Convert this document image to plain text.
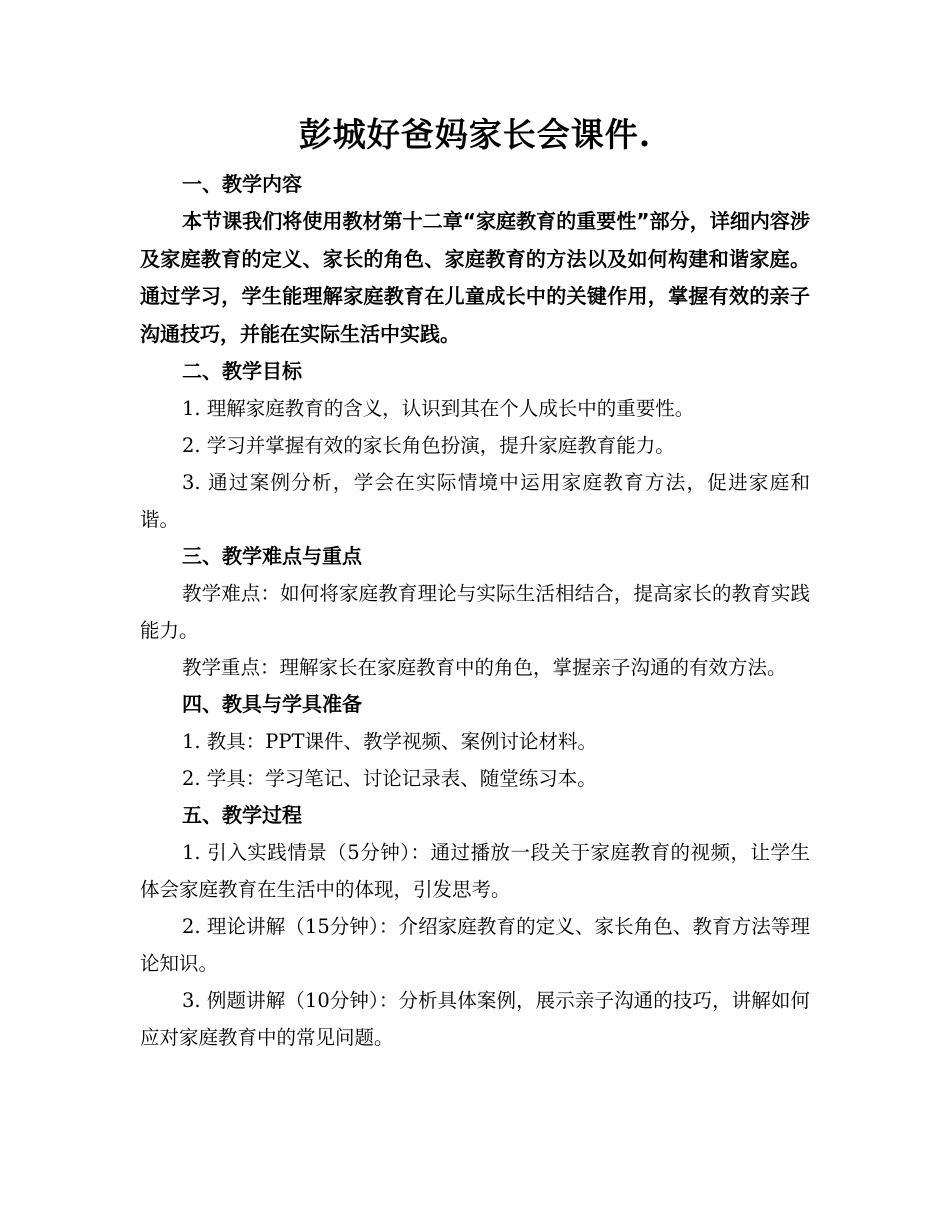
彭城好爸妈家长会课件.
一、教学内容

本节课我们将使用教材第十二章“家庭教育的重要性”部分，详细内容涉及家庭教育的定义、家长的角色、家庭教育的方法以及如何构建和谐家庭。通过学习，学生能理解家庭教育在儿童成长中的关键作用，掌握有效的亲子沟通技巧，并能在实际生活中实践。

二、教学目标

1. 理解家庭教育的含义，认识到其在个人成长中的重要性。

2. 学习并掌握有效的家长角色扮演，提升家庭教育能力。

3. 通过案例分析，学会在实际情境中运用家庭教育方法，促进家庭和谐。

三、教学难点与重点

教学难点：如何将家庭教育理论与实际生活相结合，提高家长的教育实践能力。

教学重点：理解家长在家庭教育中的角色，掌握亲子沟通的有效方法。

四、教具与学具准备

1. 教具：PPT课件、教学视频、案例讨论材料。

2. 学具：学习笔记、讨论记录表、随堂练习本。

五、教学过程

1. 引入实践情景（5分钟）：通过播放一段关于家庭教育的视频，让学生体会家庭教育在生活中的体现，引发思考。

2. 理论讲解（15分钟）：介绍家庭教育的定义、家长角色、教育方法等理论知识。

3. 例题讲解（10分钟）：分析具体案例，展示亲子沟通的技巧，讲解如何应对家庭教育中的常见问题。
